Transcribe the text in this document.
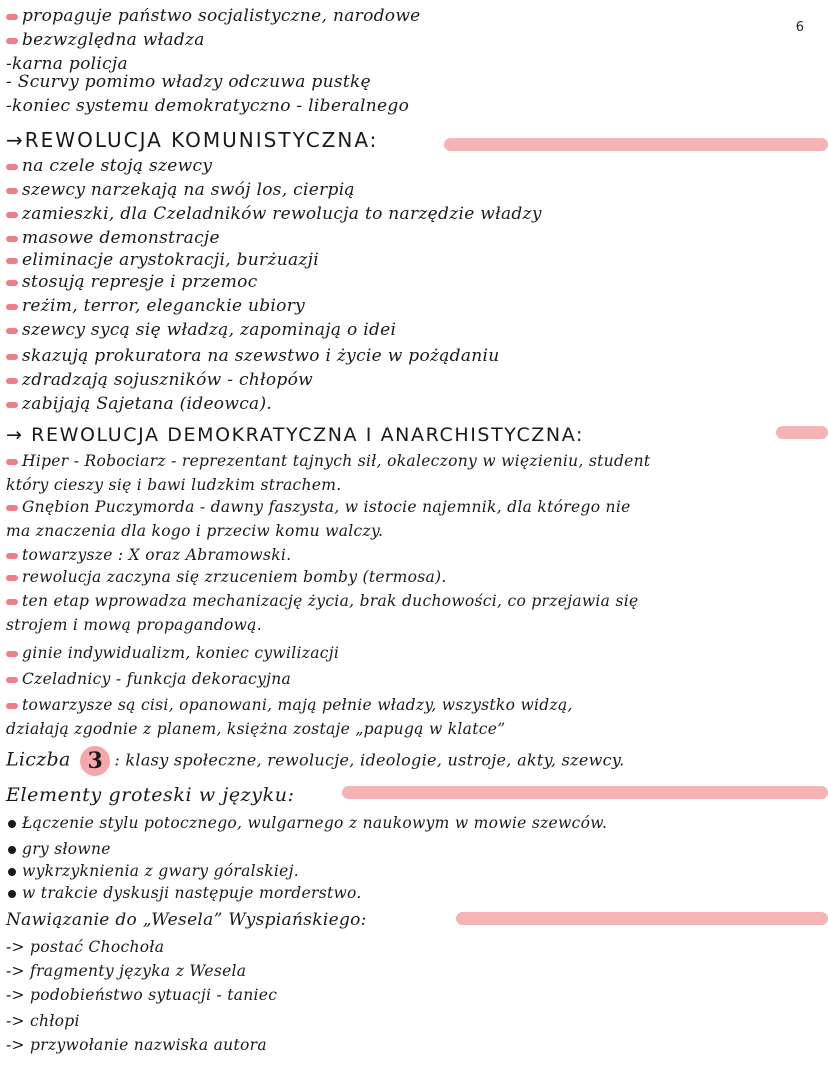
6
propaguje państwo socjalistyczne, narodowe
bezwzględna władza
-karna policja
- Scurvy pomimo władzy odczuwa pustkę
-koniec systemu demokratyczno - liberalnego
→REWOLUCJA KOMUNISTYCZNA:
na czele stoją szewcy
szewcy narzekają na swój los, cierpią
zamieszki, dla Czeladników rewolucja to narzędzie władzy
masowe demonstracje
eliminacje arystokracji, burżuazji
stosują represje i przemoc
reżim, terror, eleganckie ubiory
szewcy sycą się władzą, zapominają o idei
skazują prokuratora na szewstwo i życie w pożądaniu
zdradzają sojuszników - chłopów
zabijają Sajetana (ideowca).
→ REWOLUCJA DEMOKRATYCZNA I ANARCHISTYCZNA:
Hiper - Robociarz - reprezentant tajnych sił, okaleczony w więzieniu, student
który cieszy się i bawi ludzkim strachem.
Gnębion Puczymorda - dawny faszysta, w istocie najemnik, dla którego nie
ma znaczenia dla kogo i przeciw komu walczy.
towarzysze : X oraz Abramowski.
rewolucja zaczyna się zrzuceniem bomby (termosa).
ten etap wprowadza mechanizację życia, brak duchowości, co przejawia się
strojem i mową propagandową.
ginie indywidualizm, koniec cywilizacji
Czeladnicy - funkcja dekoracyjna
towarzysze są cisi, opanowani, mają pełnie władzy, wszystko widzą,
działają zgodnie z planem, księżna zostaje „papugą w klatce”
Liczba 3 : klasy społeczne, rewolucje, ideologie, ustroje, akty, szewcy.
Elementy groteski w języku:
Łączenie stylu potocznego, wulgarnego z naukowym w mowie szewców.
gry słowne
wykrzyknienia z gwary góralskiej.
w trakcie dyskusji następuje morderstwo.
Nawiązanie do „Wesela” Wyspiańskiego:
-> postać Chochoła
-> fragmenty języka z Wesela
-> podobieństwo sytuacji - taniec
-> chłopi
-> przywołanie nazwiska autora
